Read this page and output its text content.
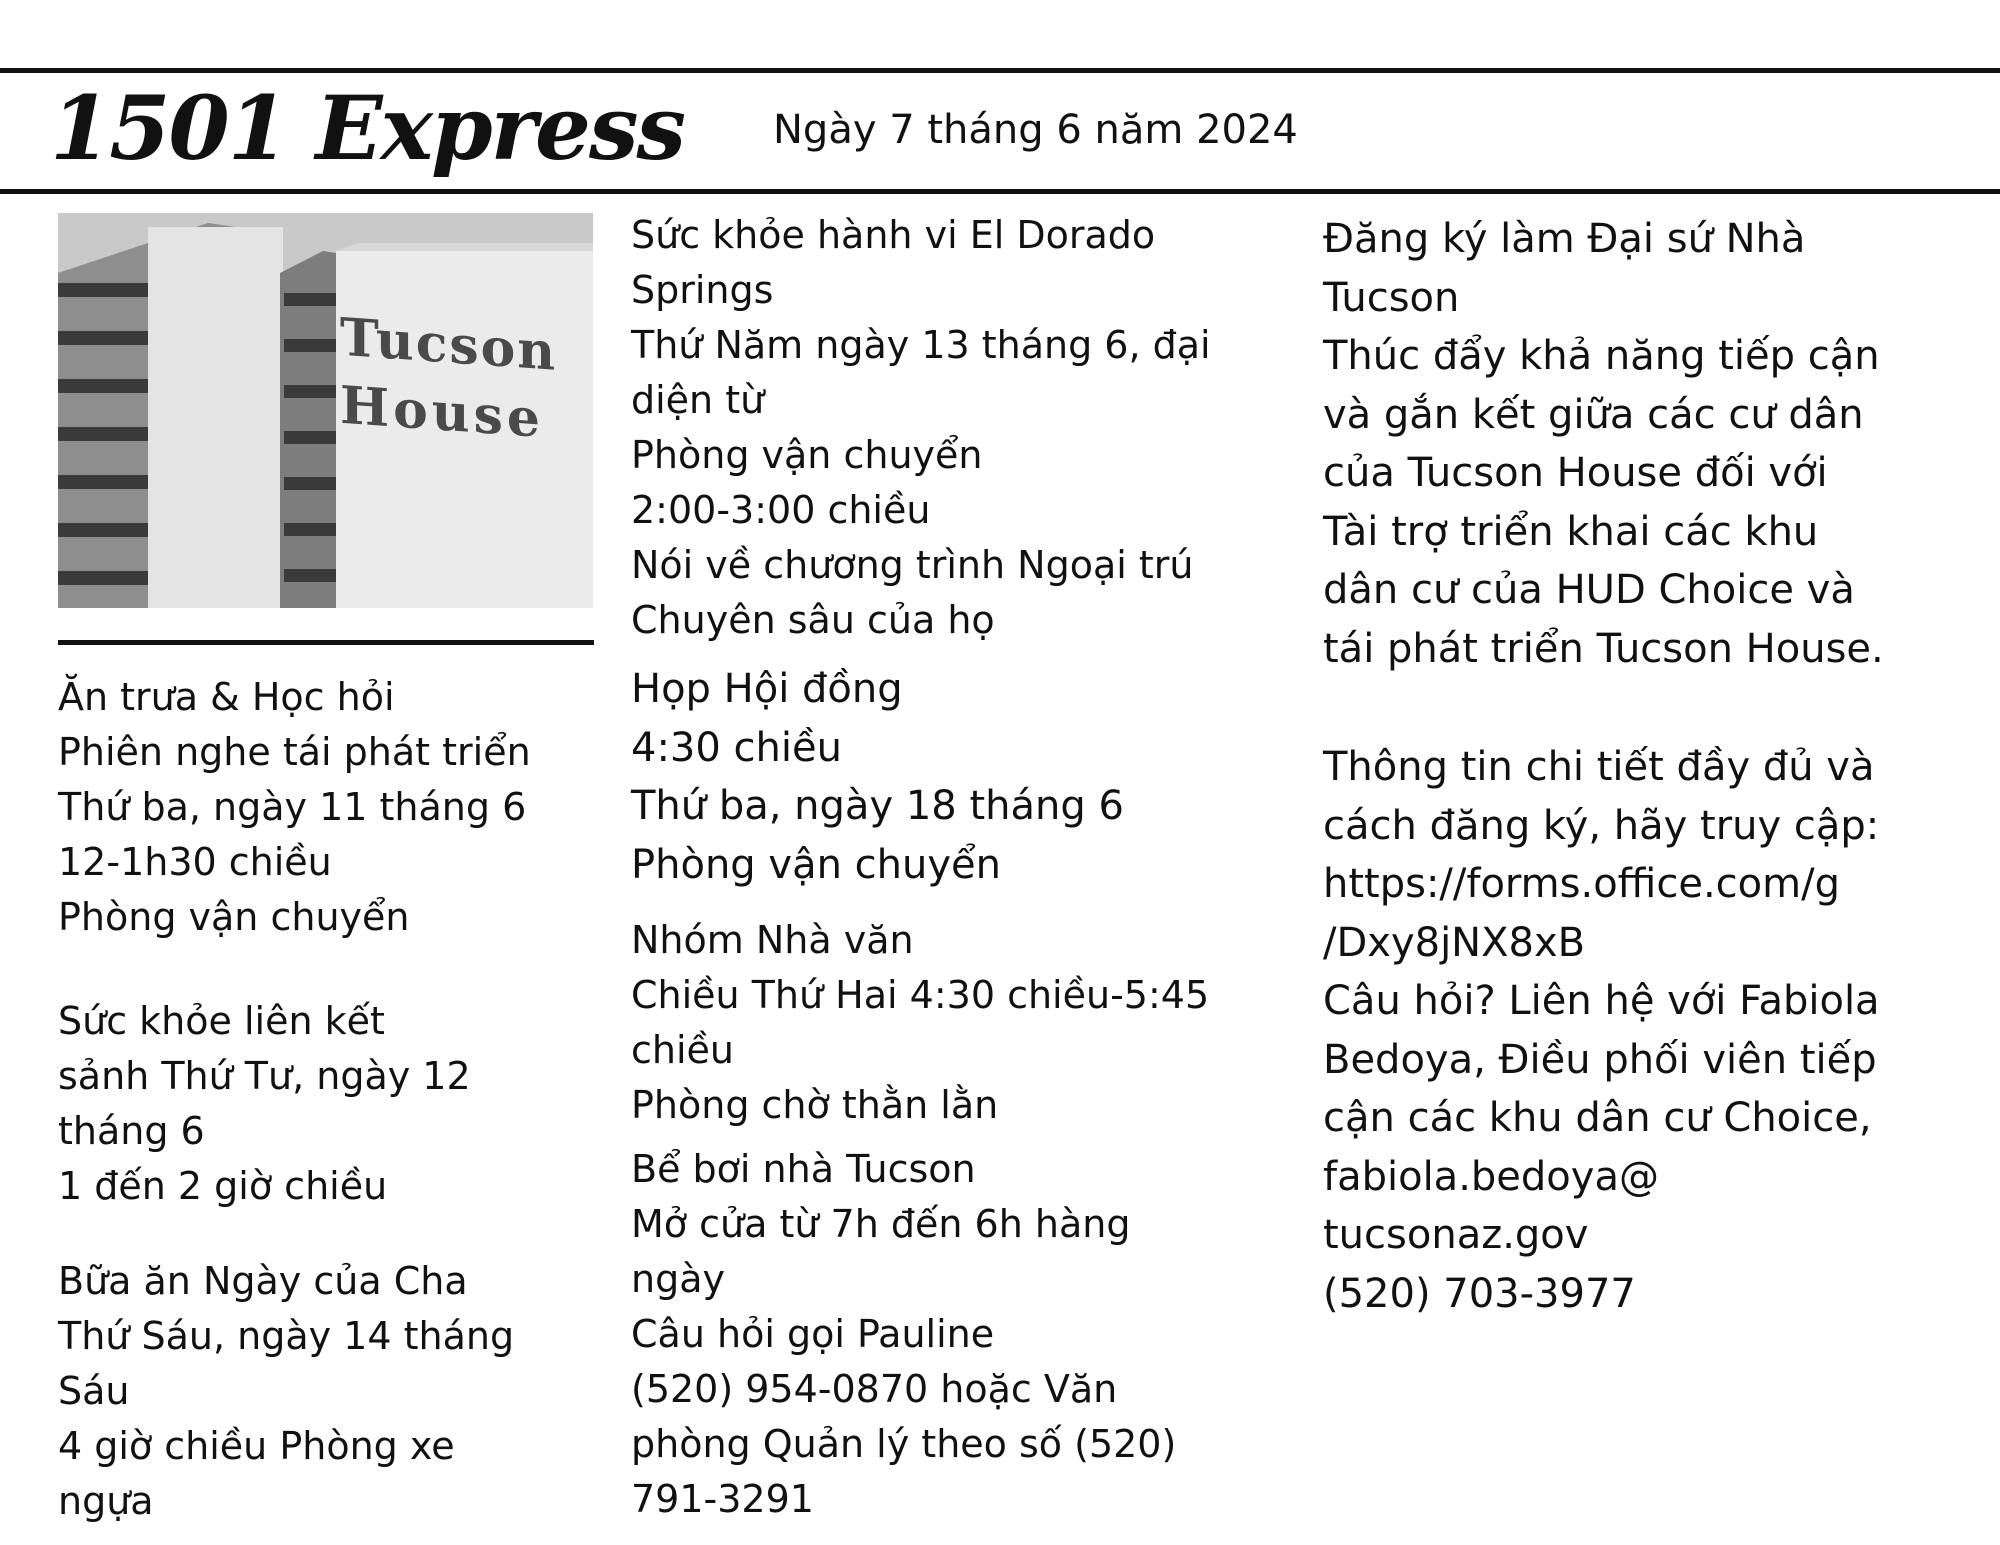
1501 Express Ngày 7 tháng 6 năm 2024
Tucson
House
Ăn trưa & Học hỏi
Phiên nghe tái phát triển
Thứ ba, ngày 11 tháng 6
12-1h30 chiều
Phòng vận chuyển
Sức khỏe liên kết
sảnh Thứ Tư, ngày 12
tháng 6
1 đến 2 giờ chiều
Bữa ăn Ngày của Cha
Thứ Sáu, ngày 14 tháng
Sáu
4 giờ chiều Phòng xe
ngựa
Sức khỏe hành vi El Dorado
Springs
Thứ Năm ngày 13 tháng 6, đại
diện từ
Phòng vận chuyển
2:00-3:00 chiều
Nói về chương trình Ngoại trú
Chuyên sâu của họ
Họp Hội đồng
4:30 chiều
Thứ ba, ngày 18 tháng 6
Phòng vận chuyển
Nhóm Nhà văn
Chiều Thứ Hai 4:30 chiều-5:45
chiều
Phòng chờ thằn lằn
Bể bơi nhà Tucson
Mở cửa từ 7h đến 6h hàng
ngày
Câu hỏi gọi Pauline
(520) 954-0870 hoặc Văn
phòng Quản lý theo số (520)
791-3291
Đăng ký làm Đại sứ Nhà
Tucson
Thúc đẩy khả năng tiếp cận
và gắn kết giữa các cư dân
của Tucson House đối với
Tài trợ triển khai các khu
dân cư của HUD Choice và
tái phát triển Tucson House.
Thông tin chi tiết đầy đủ và
cách đăng ký, hãy truy cập:
https://forms.office.com/g
/Dxy8jNX8xB
Câu hỏi? Liên hệ với Fabiola
Bedoya, Điều phối viên tiếp
cận các khu dân cư Choice,
fabiola.bedoya@
tucsonaz.gov
(520) 703-3977
